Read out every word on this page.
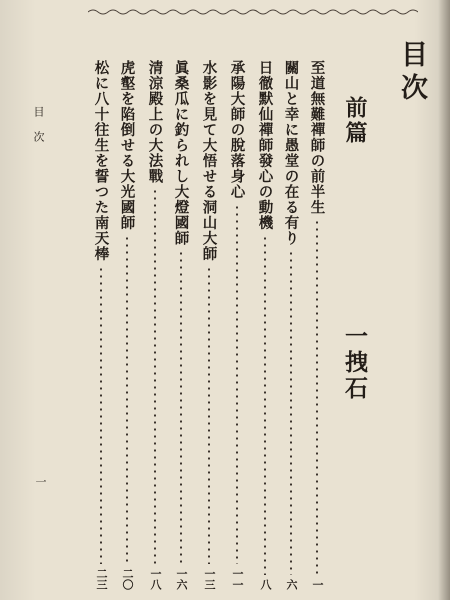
目次
前篇
一拽石
至道無難禪師の前半生
一
關山と幸に愚堂の在る有り
六
日徹默仙禪師發心の動機
八
承陽大師の脫落身心
一一
水影を見て大悟せる洞山大師
一三
眞桑瓜に釣られし大燈國師
一六
清涼殿上の大法戰
一八
虎壑を陷倒せる大光國師
二〇
松に八十往生を誓つた南天棒
二三
目次
一
